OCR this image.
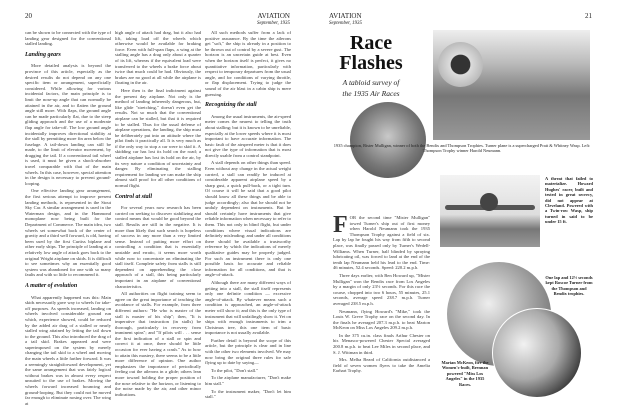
20	AVIATION
September, 1935

can be shown to be connected with the type of landing gear designed for the conventional stalled landing.

Landing gears

More detailed analysis is beyond the province of this article, especially as the desired results do not depend on any one specific item or arrangement, superficially considered. While allowing for various incidental factors, the main principle is to limit the nose-up angle that can normally be attained in the air, and to flatten the ground angle still more. With flaps, the ground angle can be made particularly flat, due to the steep gliding approach and the use of a moderate flap angle for take-off. The low ground angle incidentally improves directional stability at the stall by permitting more fin area below the fuselage. A tail-down landing can still be made, to the limit of elevator movement, by dragging the tail. If a conventional tail wheel is used, it must be given a shock-absorber travel comparable with that of the main wheels. In this case, however, special attention in the design is necessary to prevent ground-looping.

One effective landing gear arrangement, the first serious attempt to improve present landing methods, is represented in the Stout Sky Car. A similar arrangement is used in the Waterman design, and in the Hammond monoplane now being built for the Department of Commerce. The main idea, two wheels set somewhat back of the center of gravity and a third well forward, is old, having been used by the first Curtiss biplane and other early ships. The principle of landing at a relatively low angle of attack goes back to the original Wright airplane on skids. It is difficult to see sometimes why an essentially good system was abandoned for one with so many faults and with so little to recommend it.

A matter of evolution

What apparently happened was this: Main skids necessarily gave way to wheels for take-off purposes. As speeds increased, landing on wheels involved considerable ground run which, experience showed, could be reduced by the added air drag of a stalled or nearly stalled wing attained by letting the tail down to the ground. This also introduced the drag of a tail skid. Brakes appeared and were superimposed on the system by merely changing the tail skid to a wheel and moving the main wheels a little farther forward. It was a seemingly straightforward development, yet the same arrangement that was fairly logical without brakes was in almost every respect unsuited to the use of brakes. Moving the wheels forward increased bouncing and ground-looping. But they could not be moved far enough to eliminate nosing over. The wing at

high angle of attack had drag, but it also had lift, taking load off the wheels which otherwise would be available for braking force. Even with full-span flaps, a wing at the stalling angle has a drag only about a quarter of its lift, whereas if the equivalent load were transferred to the wheels a brake force about twice that much could be had. Obviously, the brakes are no good at all while the airplane is floating in the air.

Here then is the final indictment against the present day airplane. Not only is the method of landing inherently dangerous, but, like glide "stretching," doesn't even get the results. Not so much that the conventional airplane can be stalled, but that it is required to be stalled. Thus for the usual defense of airplane operations, the landing, the ship must be deliberately put into an attitude where the pilot finds it practically all. It is very much as if the only way to stop a car were to skid it. A skidding car has lost its hold on the road; a stalled airplane has lost its hold on the air, by its very nature a condition of uncertainty and danger. By eliminating the stalling requirement for landing we can make the ship almost stall proof for all other conditions of normal flight.

Control at stall

For several years now research has been carried on seeking to discover stabilizing and control means that would be good beyond the stall. Results are still in the negative. It is more than likely that such search is hopeless of success in any more than a very limited sense. Instead of putting more effort on controlling a condition that is essentially unstable and erratic, it seems more worth while now to concentrate on eliminating the stall itself. Complete safety from stalls is still dependent on apprehending the close approach of a stall, this being particularly important in an airplane of conventional characteristics.

All authorities on flight training seem to agree on the great importance of teaching the avoidance of stalls. For example, from three different authors: "He who is master of the stall is master of his ship"; then, "It is imperative that instruction (in stalls) be thorough, particularly in recovery from imminent spins"; and "If pilots will . . . sense the first indication of a stall or spin and correct it at once, there should be little occasion for ever having a crash." As to how to attain this mastery, there seems to be a little more difference of opinion. One author emphasizes the importance of periodically feeling out the ailerons in a glide; others lean more toward holding the proper position of the nose relative to the horizon, or listening to the noise made by the air, and other minor indications.

All such methods suffer from a lack of positive assurance. By the time the ailerons get "soft," the ship is already in a position to be thrown out of control by a severe gust. The horizon is an uncertain guide at best. Even when the horizon itself is perfect, it gives no quantitative information, particularly with respect to temporary departures from the usual angle, and for conditions of varying throttle, or flap displacement. Trying to judge the sound of the air blast in a cabin ship is mere guessing.

Recognizing the stall

Among the usual instruments, the air-speed meter comes the nearest to telling the truth about stalling; but it is known to be unreliable, especially at the lower speeds where it is most important to have accurate information. The basic fault of the airspeed meter is that it does not give the type of information that is most directly usable from a control standpoint.

A stall depends on other things than speed. Even without any change in the actual weight carried, a stall can readily be induced at considerable apparent airplane speed by a sharp gust, a quick pull-back, or a tight turn. Of course it will be said that a good pilot should know all these things and be able to judge accordingly; also that he should not be unduly dependent on instruments. But he should certainly have instruments that give reliable information when necessary to refer to them. This not only in blind flight, but under conditions where visual indications are definitely misleading; and under all conditions there should be available a trustworthy reference by which the indications of merely qualitative guides may be properly judged. For such an instrument there is only one possible basis for accurate and reliable information for all conditions, and that is angle-of-attack.

Although there are many different ways of getting into a stall, the stall itself represents only one definite condition — excessive angle-of-attack. By whatever means such a condition is approached, an angle-of-attack meter will show it; and this is the only type of instrument that will unfailingly show it. Yet on ships with enough instruments to trim a Christmas tree, this one item of basic importance is not usually available.

Further detail is beyond the scope of this article, but the principle is clear and in line with the other two elements involved. We may now bring the original three rules for safe flying up to date by saying—

To the pilot, "Don't stall."

To the airplane manufacturer, "Don't make him stall."

To the instrument maker, "Don't let him stall."

AVIATION
September, 1935
21
Race
Flashes
A tabloid survey of
the 1935 Air Races
1935 champion, Rister Mulligan, winner of both the Bendix and Thompson Trophies. Turner plane is a supercharged Pratt & Whitney Wasp. Left: Thompson Trophy winner Harold Neumann.
A threat that failed to materialize. Howard Hughes' racer, built and tested in great secrecy, did not appear at Cleveland. Powered with a Twin-row Wasp, ship turned in said to be under 15 ft.
One lap and 12½ seconds kept Roscoe Turner from the Thompson and Bendix trophies.
Marian McKeon, fire the Women's-built, Brennan powered "Miss Los Angeles" in the 1935 Races.
F OR the second time "Mister Mulligan" towed Turner's ship out of first money when Harold Neumann took the 1935 Thompson Trophy against a field of six. Lap by lap he fought his way from fifth to second place, was finally passed only by Turner's Wedell-Williams. When Turner, half blinded by spraying lubricating oil, was forced to land at the end of the tenth lap Neumann held his lead to the end. Time: 46 minutes, 52.4 seconds. Speed: 220.2 m.p.h.

Three days earlier, with Ben Howard up, "Mister Mulligan" won the Bendix race from Los Angeles by a margin of only 23½ seconds. For this race the course, chopped into two 6 hours, 55 minutes, 25.1 seconds, average speed 238.7 m.p.h. Turner averaged 238.5 m.p.h.

Neumann, flying Howard's "Mike," took the Louis W. Greve Trophy race on the second day. In the finals he averaged 207.3 m.p.h. to beat Marion McKeon on Miss Los Angeles 209.2 m.p.h.

In the 375 cu.in. class finals Arthur Chester on his Menasco-powered Chester Special averaged 200.8 m.p.h. to beat Lee Miles in second place, and S. J. Wittman in third.

Mrs. Melba Beard of California outdistanced a field of seven women flyers to take the Amelia Earhart Trophy.
